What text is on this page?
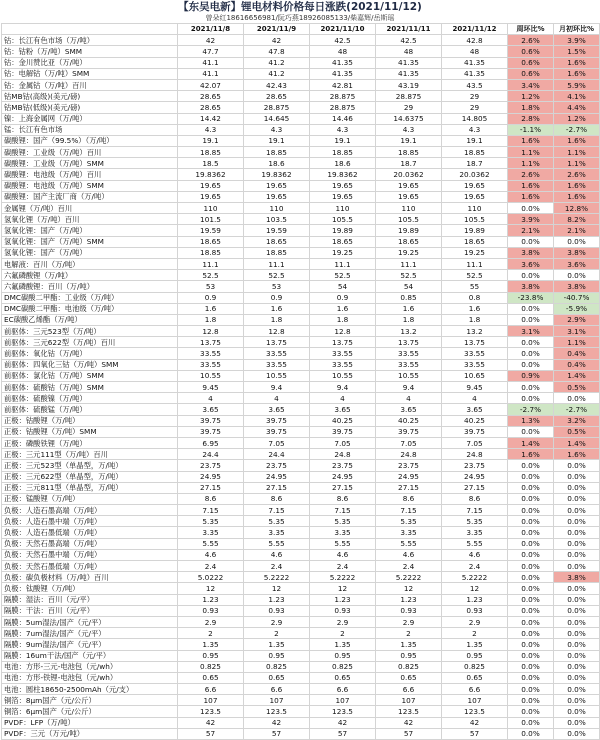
【东吴电新】锂电材料价格每日涨跌(2021/11/12)
曾朵红18616656981/阮巧燕18926085133/柴嘉辉/岳斯瑶
	2021/11/8	2021/11/9	2021/11/10	2021/11/11	2021/11/12	周环比%	月初环比%
钴：长江有色市场（万/吨）	42	42	42.5	42.5	42.8	2.6%	3.9%
钴：钴粉（万/吨）SMM	47.7	47.8	48	48	48	0.6%	1.5%
钴：金川赞比亚（万/吨）	41.1	41.2	41.35	41.35	41.35	0.6%	1.6%
钴：电解钴（万/吨）SMM	41.1	41.2	41.35	41.35	41.35	0.6%	1.6%
钴：金属钴（万/吨）百川	42.07	42.43	42.81	43.19	43.5	3.4%	5.9%
钴MB钴(高级)(美元/磅)	28.65	28.65	28.875	28.875	29	1.2%	4.1%
钴MB钴(低级)(美元/磅)	28.65	28.875	28.875	29	29	1.8%	4.4%
镍：上海金属网（万/吨）	14.42	14.645	14.46	14.6375	14.805	2.8%	1.2%
锰：长江有色市场	4.3	4.3	4.3	4.3	4.3	-1.1%	-2.7%
碳酸锂：国产（99.5%）（万/吨）	19.1	19.1	19.1	19.1	19.1	1.6%	1.6%
碳酸锂：工业级（万/吨）百川	18.85	18.85	18.85	18.85	18.85	1.1%	1.1%
碳酸锂：工业级（万/吨）SMM	18.5	18.6	18.6	18.7	18.7	1.1%	1.1%
碳酸锂：电池级（万/吨）百川	19.8362	19.8362	19.8362	20.0362	20.0362	2.6%	2.6%
碳酸锂：电池级（万/吨）SMM	19.65	19.65	19.65	19.65	19.65	1.6%	1.6%
碳酸锂：国产主流厂商（万/吨）	19.65	19.65	19.65	19.65	19.65	1.6%	1.6%
金属锂（万/吨）百川	110	110	110	110	110	0.0%	12.8%
氢氧化锂（万/吨）百川	101.5	103.5	105.5	105.5	105.5	3.9%	8.2%
氢氧化锂：国产（万/吨）	19.59	19.59	19.89	19.89	19.89	2.1%	2.1%
氢氧化锂：国产（万/吨）SMM	18.65	18.65	18.65	18.65	18.65	0.0%	0.0%
氢氧化锂：国产（万/吨）	18.85	18.85	19.25	19.25	19.25	3.8%	3.8%
电解液：百川（万/吨）	11.1	11.1	11.1	11.1	11.1	3.6%	3.6%
六氟磷酸锂（万/吨）	52.5	52.5	52.5	52.5	52.5	0.0%	0.0%
六氟磷酸锂：百川（万/吨）	53	53	54	54	55	3.8%	3.8%
DMC碳酸二甲酯：工业级（万/吨）	0.9	0.9	0.9	0.85	0.8	-23.8%	-40.7%
DMC碳酸二甲酯：电池级（万/吨）	1.6	1.6	1.6	1.6	1.6	0.0%	-5.9%
EC碳酸乙烯酯（万/吨）	1.8	1.8	1.8	1.8	1.8	0.0%	2.9%
前驱体：三元523型（万/吨）	12.8	12.8	12.8	13.2	13.2	3.1%	3.1%
前驱体：三元622型（万/吨）百川	13.75	13.75	13.75	13.75	13.75	0.0%	1.1%
前驱体：氧化钴（万/吨）	33.55	33.55	33.55	33.55	33.55	0.0%	0.4%
前驱体：四氧化三钴（万/吨）SMM	33.55	33.55	33.55	33.55	33.55	0.0%	0.4%
前驱体：氯化钴（万/吨）SMM	10.55	10.55	10.55	10.55	10.65	0.9%	1.4%
前驱体：硫酸钴（万/吨）SMM	9.45	9.4	9.4	9.4	9.45	0.0%	0.5%
前驱体：硫酸镍（万/吨）	4	4	4	4	4	0.0%	0.0%
前驱体：硫酸锰（万/吨）	3.65	3.65	3.65	3.65	3.65	-2.7%	-2.7%
正极：钴酸锂（万/吨）	39.75	39.75	40.25	40.25	40.25	1.3%	3.2%
正极：钴酸锂（万/吨）SMM	39.75	39.75	39.75	39.75	39.75	0.0%	0.5%
正极：磷酸铁锂（万/吨）	6.95	7.05	7.05	7.05	7.05	1.4%	1.4%
正极：三元111型（万/吨）百川	24.4	24.4	24.8	24.8	24.8	1.6%	1.6%
正极：三元523型（单晶型，万/吨）	23.75	23.75	23.75	23.75	23.75	0.0%	0.0%
正极：三元622型（单晶型，万/吨）	24.95	24.95	24.95	24.95	24.95	0.0%	0.0%
正极：三元811型（单晶型，万/吨）	27.15	27.15	27.15	27.15	27.15	0.0%	0.0%
正极：锰酸锂（万/吨）	8.6	8.6	8.6	8.6	8.6	0.0%	0.0%
负极：人造石墨高端（万/吨）	7.15	7.15	7.15	7.15	7.15	0.0%	0.0%
负极：人造石墨中端（万/吨）	5.35	5.35	5.35	5.35	5.35	0.0%	0.0%
负极：人造石墨低端（万/吨）	3.35	3.35	3.35	3.35	3.35	0.0%	0.0%
负极：天然石墨高端（万/吨）	5.55	5.55	5.55	5.55	5.55	0.0%	0.0%
负极：天然石墨中端（万/吨）	4.6	4.6	4.6	4.6	4.6	0.0%	0.0%
负极：天然石墨低端（万/吨）	2.4	2.4	2.4	2.4	2.4	0.0%	0.0%
负极：碳负极材料（万/吨）百川	5.0222	5.2222	5.2222	5.2222	5.2222	0.0%	3.8%
负极：钛酸锂（万/吨）	12	12	12	12	12	0.0%	0.0%
隔膜：湿法：百川（元/平）	1.23	1.23	1.23	1.23	1.23	0.0%	0.0%
隔膜：干法：百川（元/平）	0.93	0.93	0.93	0.93	0.93	0.0%	0.0%
隔膜：5um湿法/国产（元/平）	2.9	2.9	2.9	2.9	2.9	0.0%	0.0%
隔膜：7um湿法/国产（元/平）	2	2	2	2	2	0.0%	0.0%
隔膜：9um湿法/国产（元/平）	1.35	1.35	1.35	1.35	1.35	0.0%	0.0%
隔膜：16um干法/国产（元/平）	0.95	0.95	0.95	0.95	0.95	0.0%	0.0%
电池：方形-三元-电池包（元/wh）	0.825	0.825	0.825	0.825	0.825	0.0%	0.0%
电池：方形-铁锂-电池包（元/wh）	0.65	0.65	0.65	0.65	0.65	0.0%	0.0%
电池：圆柱18650-2500mAh（元/支）	6.6	6.6	6.6	6.6	6.6	0.0%	0.0%
铜箔：8μm国产（元/公斤）	107	107	107	107	107	0.0%	0.0%
铜箔：6μm国产（元/公斤）	123.5	123.5	123.5	123.5	123.5	0.0%	0.0%
PVDF：LFP（万/吨）	42	42	42	42	42	0.0%	0.0%
PVDF：三元（万元/吨）	57	57	57	57	57	0.0%	0.0%
